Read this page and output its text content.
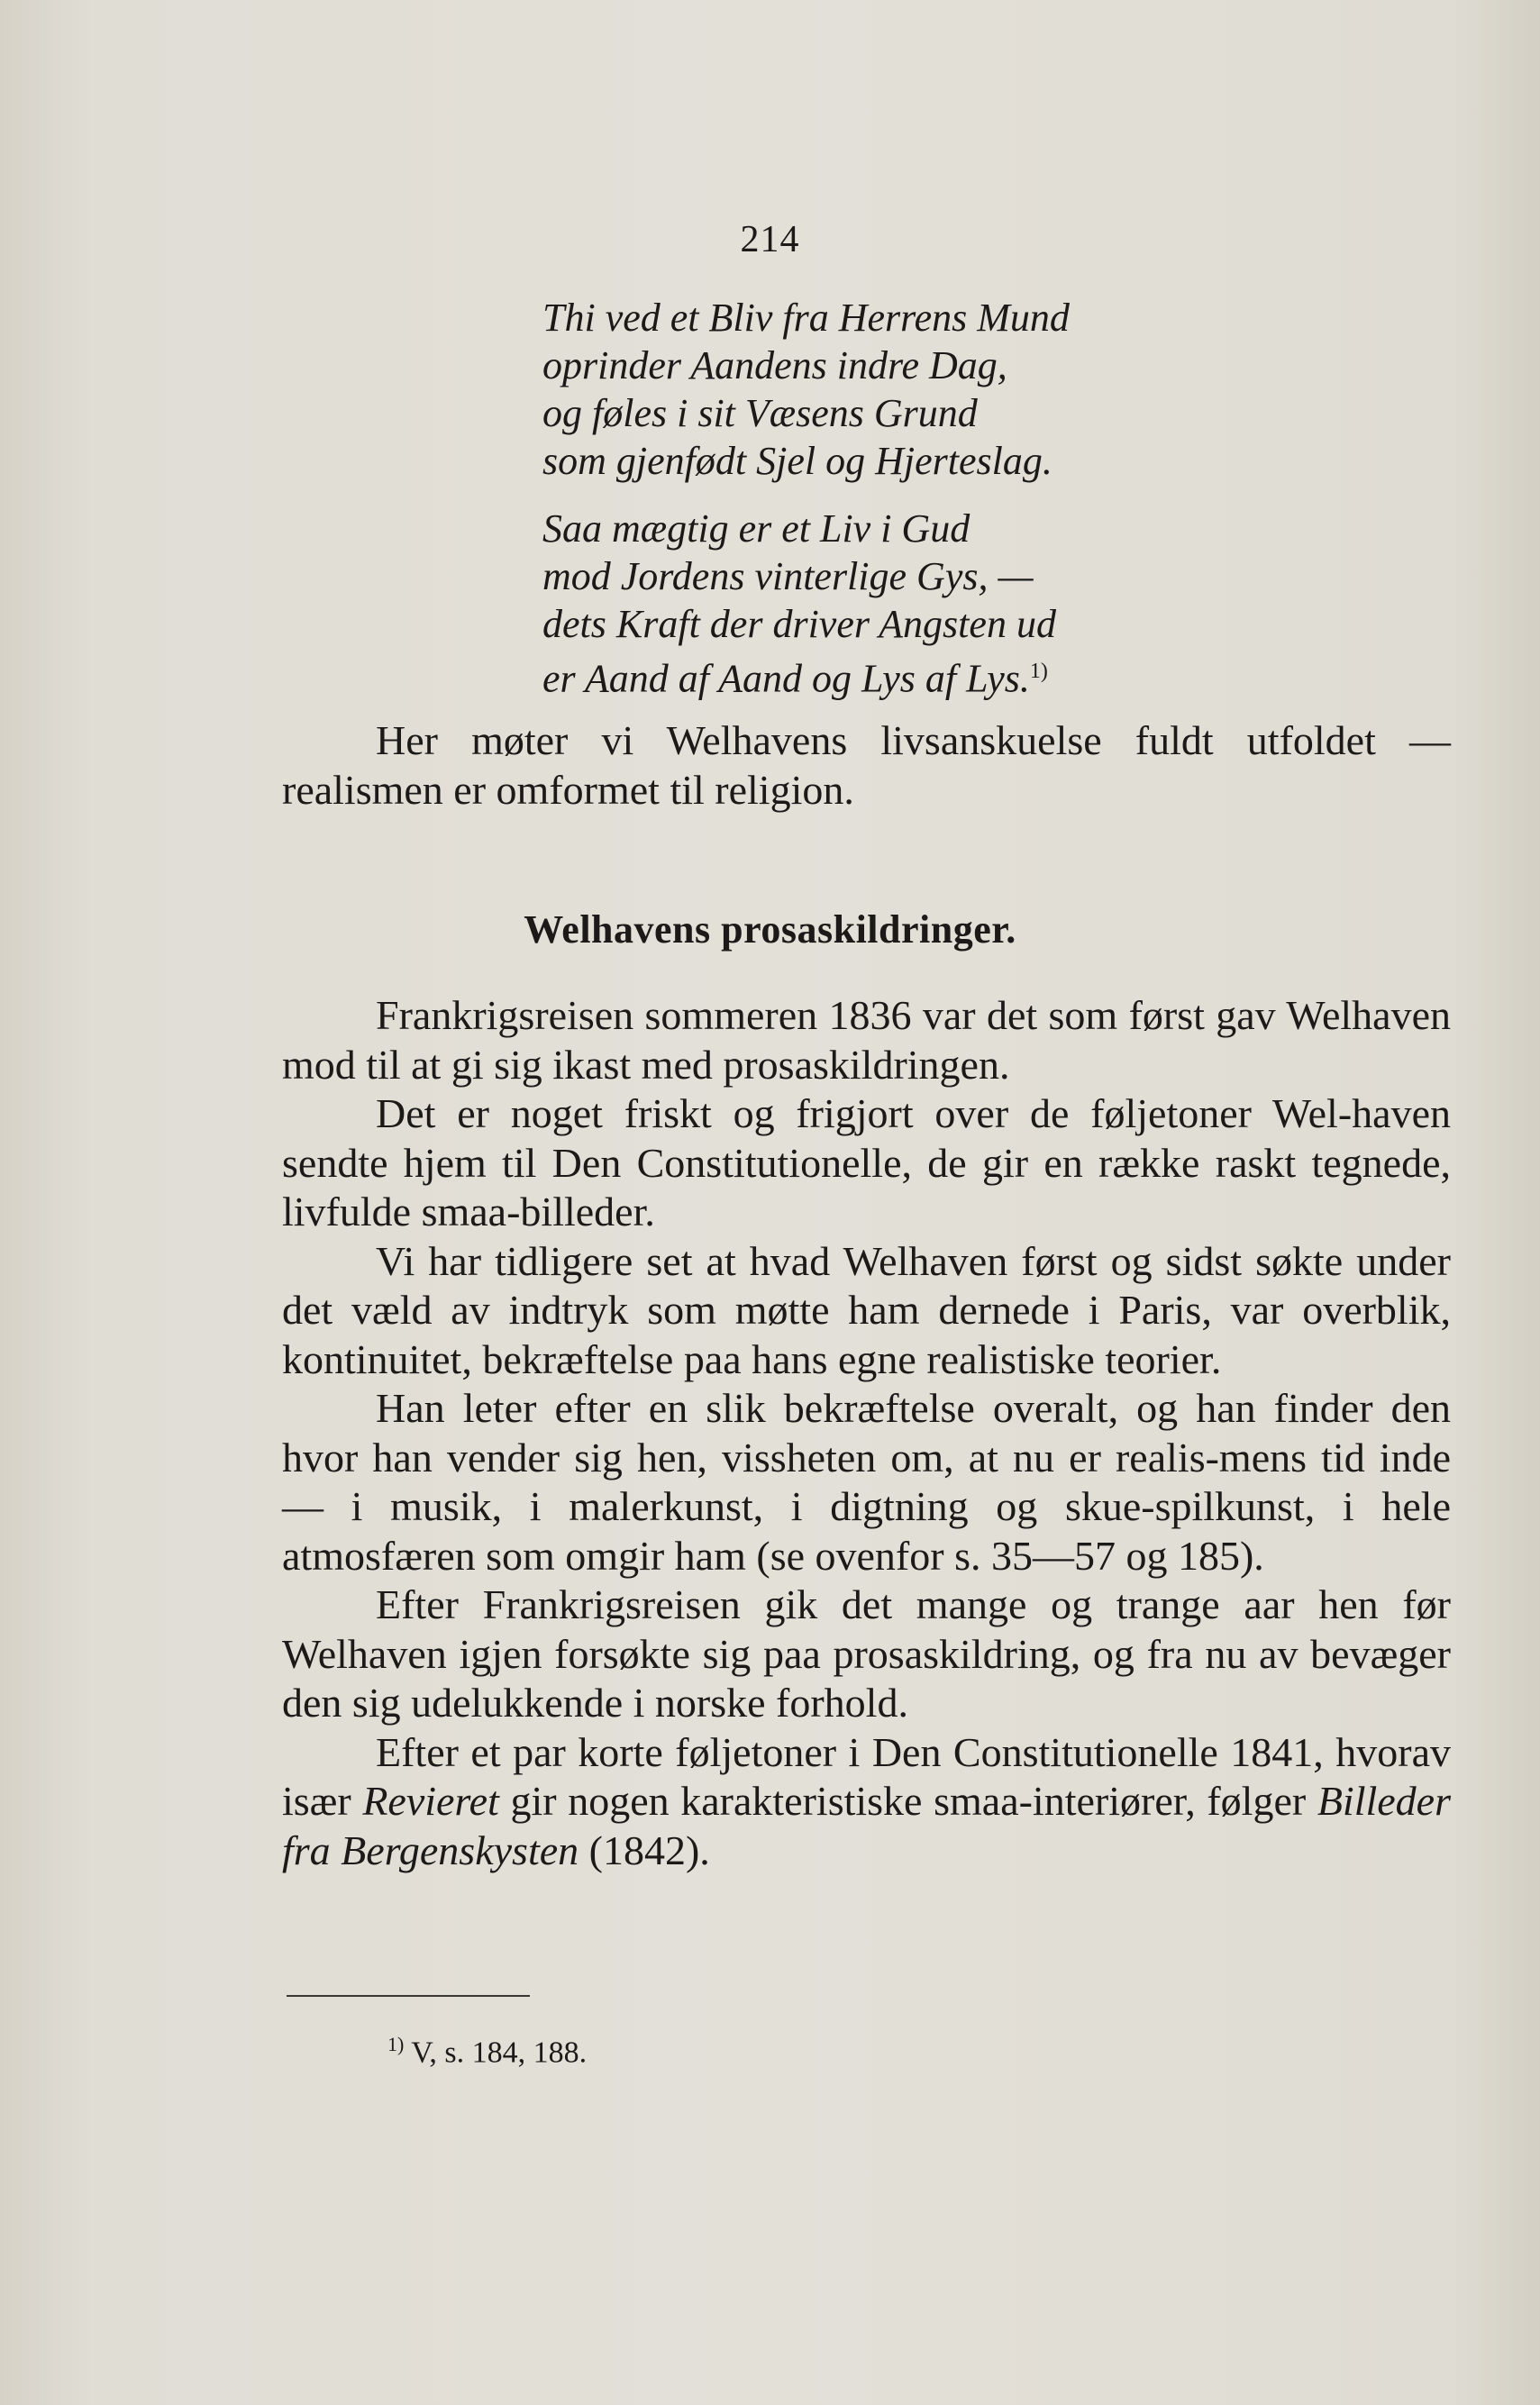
214
Thi ved et Bliv fra Herrens Mund
oprinder Aandens indre Dag,
og føles i sit Væsens Grund
som gjenfødt Sjel og Hjerteslag.
Saa mægtig er et Liv i Gud
mod Jordens vinterlige Gys, —
dets Kraft der driver Angsten ud
er Aand af Aand og Lys af Lys.$^{1)}$

Her møter vi Welhavens livsanskuelse fuldt utfoldet — realismen er omformet til religion.

Welhavens prosaskildringer.

Frankrigsreisen sommeren 1836 var det som først gav Welhaven mod til at gi sig ikast med prosaskildringen.

Det er noget friskt og frigjort over de føljetoner Wel-haven sendte hjem til Den Constitutionelle, de gir en række raskt tegnede, livfulde smaa-billeder.

Vi har tidligere set at hvad Welhaven først og sidst søkte under det væld av indtryk som møtte ham dernede i Paris, var overblik, kontinuitet, bekræftelse paa hans egne realistiske teorier.

Han leter efter en slik bekræftelse overalt, og han finder den hvor han vender sig hen, vissheten om, at nu er realis-mens tid inde — i musik, i malerkunst, i digtning og skue-spilkunst, i hele atmosfæren som omgir ham (se ovenfor s. 35—57 og 185).

Efter Frankrigsreisen gik det mange og trange aar hen før Welhaven igjen forsøkte sig paa prosaskildring, og fra nu av bevæger den sig udelukkende i norske forhold.

Efter et par korte føljetoner i Den Constitutionelle 1841, hvorav især Revieret gir nogen karakteristiske smaa-interiører, følger Billeder fra Bergenskysten (1842).

$^{1)}$ V, s. 184, 188.
